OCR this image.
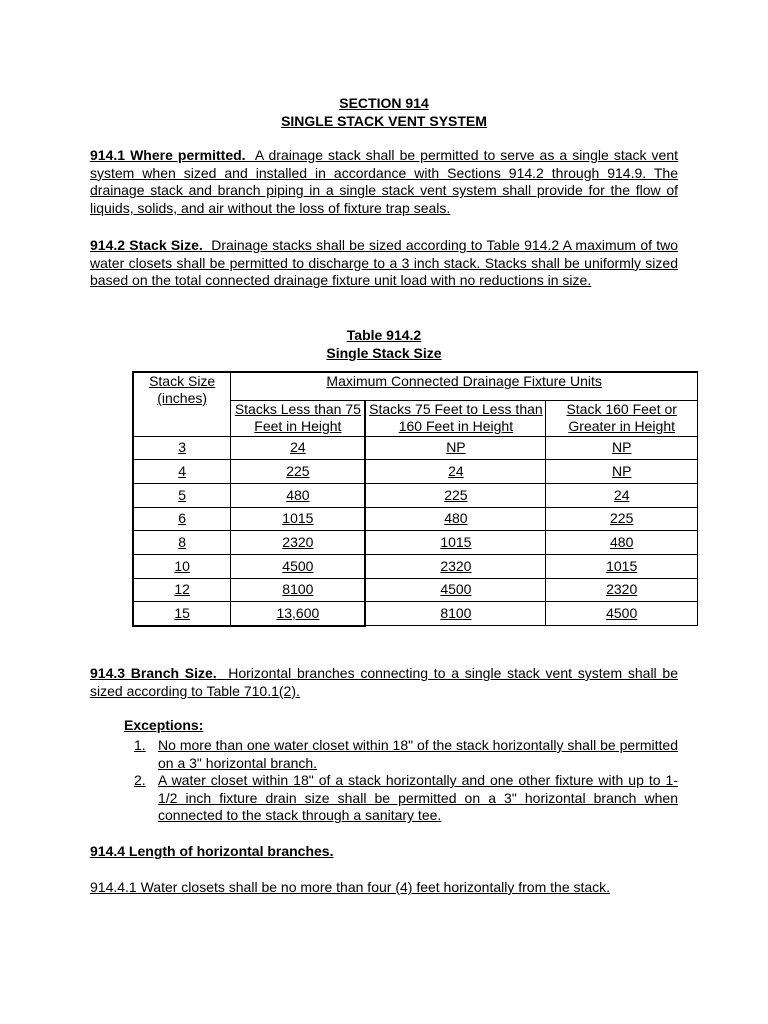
SECTION 914
SINGLE STACK VENT SYSTEM
914.1 Where permitted. A drainage stack shall be permitted to serve as a single stack vent system when sized and installed in accordance with Sections 914.2 through 914.9. The drainage stack and branch piping in a single stack vent system shall provide for the flow of liquids, solids, and air without the loss of fixture trap seals.
914.2 Stack Size. Drainage stacks shall be sized according to Table 914.2 A maximum of two water closets shall be permitted to discharge to a 3 inch stack. Stacks shall be uniformly sized based on the total connected drainage fixture unit load with no reductions in size.
Table 914.2
Single Stack Size
Stack Size (inches)	Maximum Connected Drainage Fixture Units		
	Stacks Less than 75 Feet in Height	Stacks 75 Feet to Less than 160 Feet in Height	Stack 160 Feet or Greater in Height
3	24	NP	NP
4	225	24	NP
5	480	225	24
6	1015	480	225
8	2320	1015	480
10	4500	2320	1015
12	8100	4500	2320
15	13,600	8100	4500
914.3 Branch Size. Horizontal branches connecting to a single stack vent system shall be sized according to Table 710.1(2).
Exceptions:
1. No more than one water closet within 18" of the stack horizontally shall be permitted on a 3" horizontal branch.
2. A water closet within 18" of a stack horizontally and one other fixture with up to 1-1/2 inch fixture drain size shall be permitted on a 3" horizontal branch when connected to the stack through a sanitary tee.
914.4 Length of horizontal branches.
914.4.1 Water closets shall be no more than four (4) feet horizontally from the stack.
